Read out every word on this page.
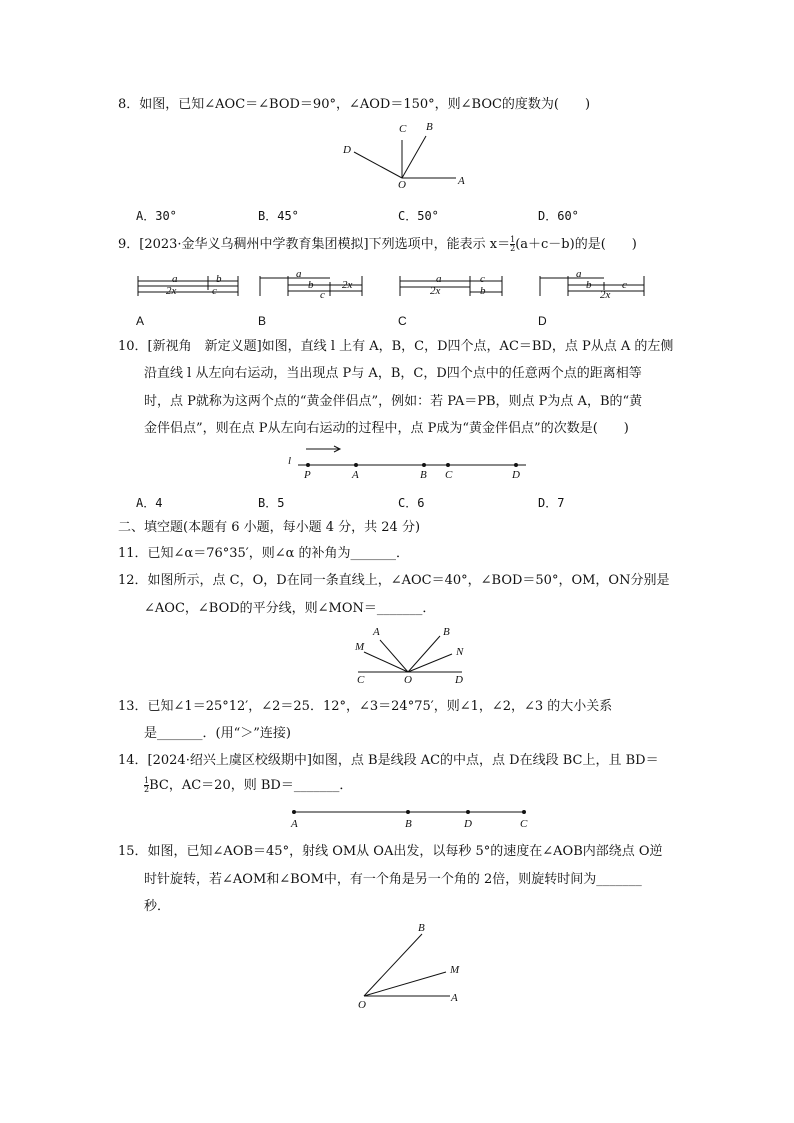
8．如图，已知∠AOC＝∠BOD＝90°，∠AOD＝150°，则∠BOC的度数为(　　)
C B
D
O	A
A．30°	B．45°	C．50°	D．60°
9．[2023·金华义乌稠州中学教育集团模拟]下列选项中，能表示 $x= \frac{1}{2} (a+c-b)$的是(　　)
a	b
2x	c
a
b	2x
c
a	c
2x	b
a
b	c
2x
A	B	C	D
10．[新视角　新定义题]如图，直线 l 上有 A，B，C，D四个点，AC＝BD，点 P从点 A 的左侧
沿直线 l 从左向右运动，当出现点 P与 A，B，C，D四个点中的任意两个点的距离相等
时，点 P就称为这两个点的“黄金伴侣点”，例如：若 PA＝PB，则点 P为点 A，B的“黄
金伴侣点”，则在点 P从左向右运动的过程中，点 P成为“黄金伴侣点”的次数是(　　)
l
P	A	B C	D
A．4	B．5	C．6	D．7
二、填空题(本题有 6 小题，每小题 4 分，共 24 分)
11．已知∠α＝76°35′，则∠α 的补角为_______．
12．如图所示，点 C，O，D在同一条直线上，∠AOC＝40°，∠BOD＝50°，OM，ON分别是
∠AOC，∠BOD的平分线，则∠MON＝_______．
A	B
M	N
C	O	D
13．已知∠1＝25°12′，∠2＝25．12°，∠3＝24°75′，则∠1，∠2，∠3 的大小关系
是_______．(用“＞”连接)
14．[2024·绍兴上虞区校级期中]如图，点 B是线段 AC的中点，点 D在线段 BC上，且 BD＝
$\frac{1}{2}$ BC，AC＝20，则 BD＝_______．
A	B	D	C
15．如图，已知∠AOB＝45°，射线 OM从 OA出发，以每秒 5°的速度在∠AOB内部绕点 O逆
时针旋转，若∠AOM和∠BOM中，有一个角是另一个角的 2倍，则旋转时间为_______
秒．
B
M
A
O
